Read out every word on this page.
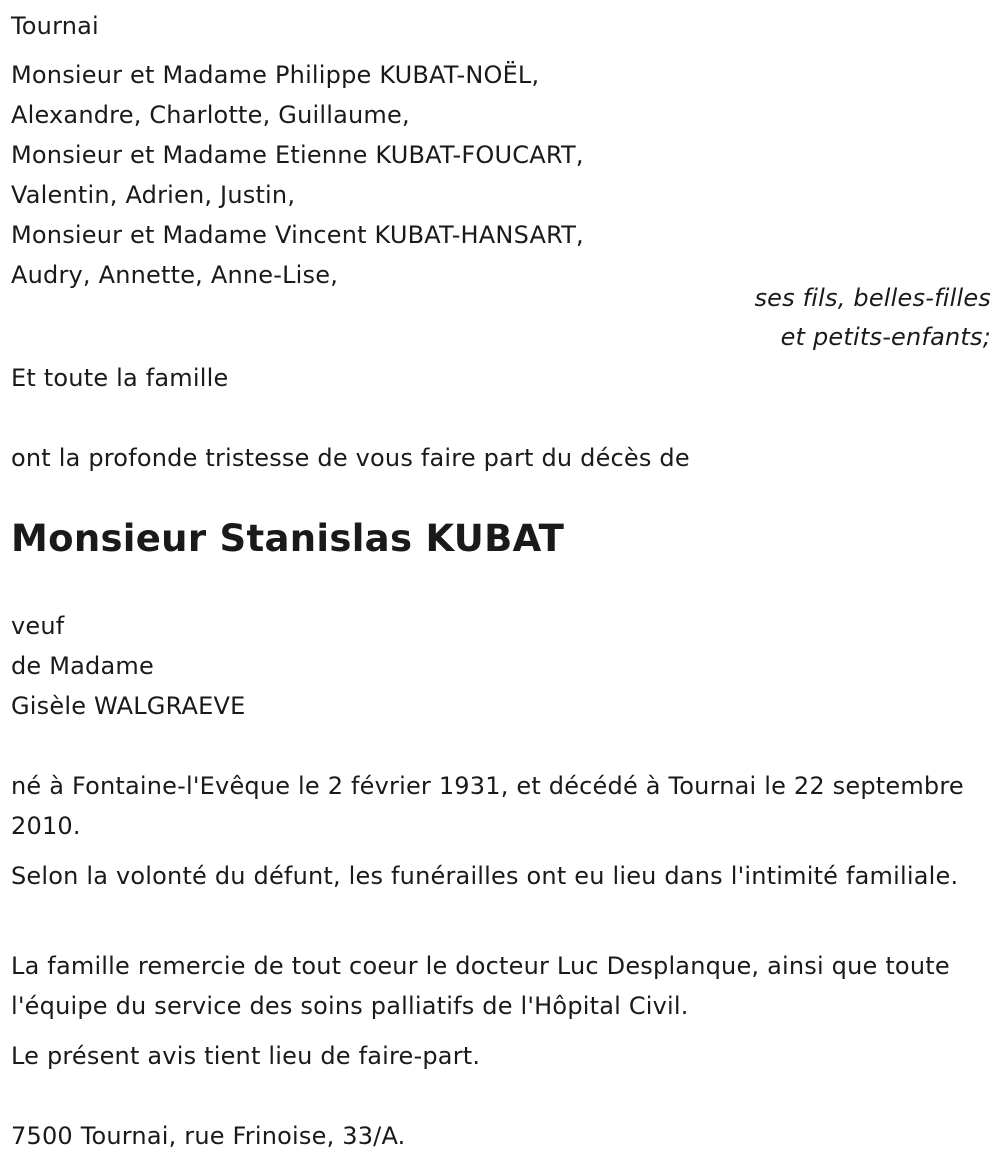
Tournai
Monsieur et Madame Philippe KUBAT-NOËL,
Alexandre, Charlotte, Guillaume,
Monsieur et Madame Etienne KUBAT-FOUCART,
Valentin, Adrien, Justin,
Monsieur et Madame Vincent KUBAT-HANSART,
Audry, Annette, Anne-Lise,
ses fils, belles-filles
et petits-enfants;
Et toute la famille
ont la profonde tristesse de vous faire part du décès de
Monsieur Stanislas KUBAT
veuf
de Madame
Gisèle WALGRAEVE

né à Fontaine-l'Evêque le 2 février 1931, et décédé à Tournai le 22 septembre 2010.

Selon la volonté du défunt, les funérailles ont eu lieu dans l'intimité familiale.

La famille remercie de tout coeur le docteur Luc Desplanque, ainsi que toute l'équipe du service des soins palliatifs de l'Hôpital Civil.

Le présent avis tient lieu de faire-part.

7500 Tournai, rue Frinoise, 33/A.
